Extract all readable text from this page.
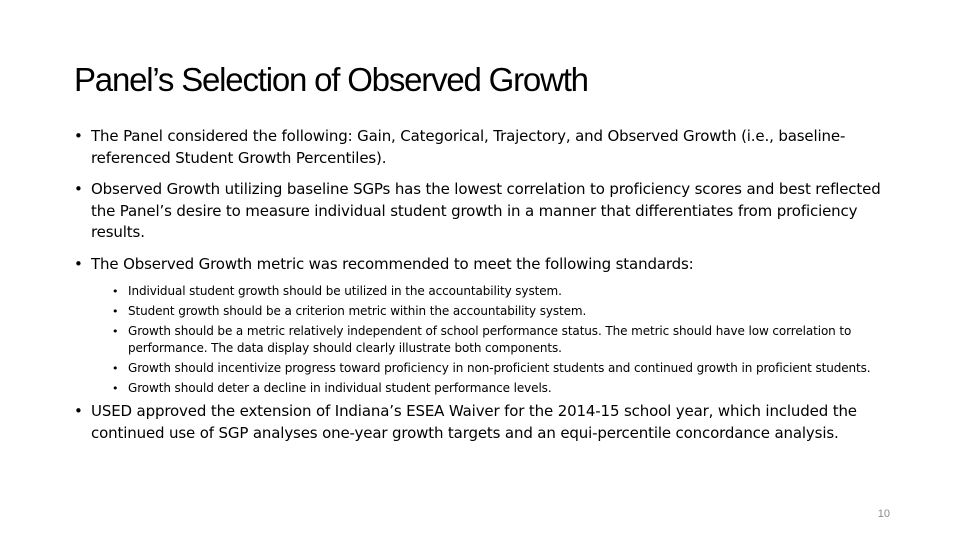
Panel’s Selection of Observed Growth
• The Panel considered the following: Gain, Categorical, Trajectory, and Observed Growth (i.e., baseline-referenced Student Growth Percentiles).
• Observed Growth utilizing baseline SGPs has the lowest correlation to proficiency scores and best reflected the Panel’s desire to measure individual student growth in a manner that differentiates from proficiency results.
• The Observed Growth metric was recommended to meet the following standards:
• Individual student growth should be utilized in the accountability system.
• Student growth should be a criterion metric within the accountability system.
• Growth should be a metric relatively independent of school performance status. The metric should have low correlation to performance. The data display should clearly illustrate both components.
• Growth should incentivize progress toward proficiency in non-proficient students and continued growth in proficient students.
• Growth should deter a decline in individual student performance levels.
• USED approved the extension of Indiana’s ESEA Waiver for the 2014-15 school year, which included the continued use of SGP analyses one-year growth targets and an equi-percentile concordance analysis.
10
